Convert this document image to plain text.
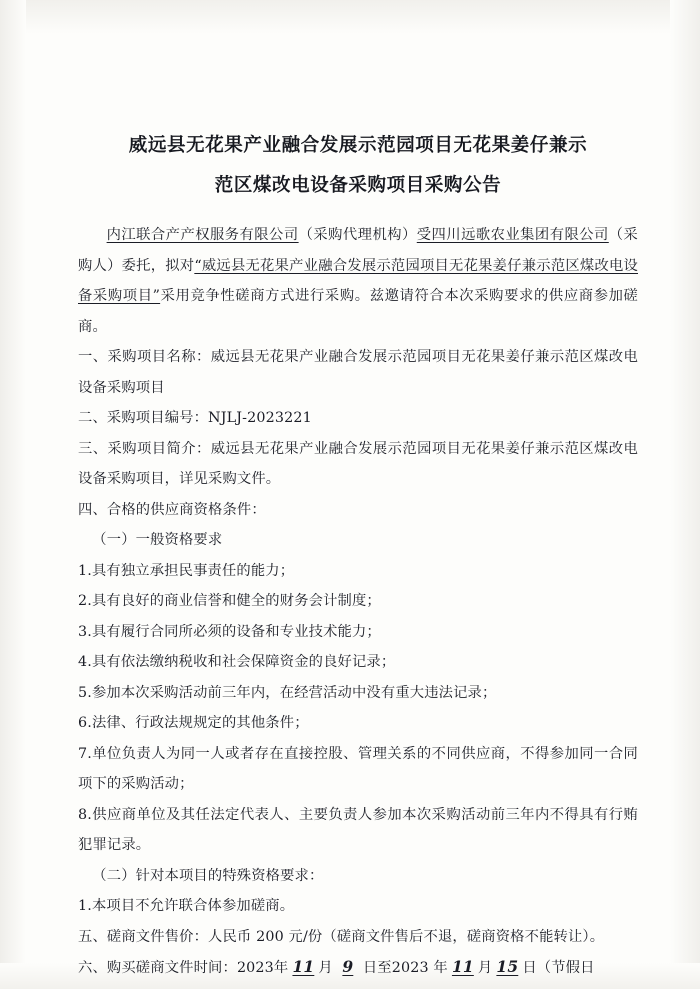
威远县无花果产业融合发展示范园项目无花果姜仔兼示
范区煤改电设备采购项目采购公告

内江联合产产权服务有限公司（采购代理机构）受四川远歌农业集团有限公司（采购人）委托，拟对“威远县无花果产业融合发展示范园项目无花果姜仔兼示范区煤改电设备采购项目”采用竞争性磋商方式进行采购。兹邀请符合本次采购要求的供应商参加磋商。

一、采购项目名称：威远县无花果产业融合发展示范园项目无花果姜仔兼示范区煤改电设备采购项目

二、采购项目编号：NJLJ-2023221

三、采购项目简介：威远县无花果产业融合发展示范园项目无花果姜仔兼示范区煤改电设备采购项目，详见采购文件。

四、合格的供应商资格条件：

（一）一般资格要求

1.具有独立承担民事责任的能力；

2.具有良好的商业信誉和健全的财务会计制度；

3.具有履行合同所必须的设备和专业技术能力；

4.具有依法缴纳税收和社会保障资金的良好记录；

5.参加本次采购活动前三年内，在经营活动中没有重大违法记录；

6.法律、行政法规规定的其他条件；

7.单位负责人为同一人或者存在直接控股、管理关系的不同供应商，不得参加同一合同项下的采购活动；

8.供应商单位及其任法定代表人、主要负责人参加本次采购活动前三年内不得具有行贿犯罪记录。

（二）针对本项目的特殊资格要求：

1.本项目不允许联合体参加磋商。

五、磋商文件售价：人民币 200 元/份（磋商文件售后不退，磋商资格不能转让）。

六、购买磋商文件时间：2023年 11 月 9 日至2023 年 11 月 15 日（节假日
